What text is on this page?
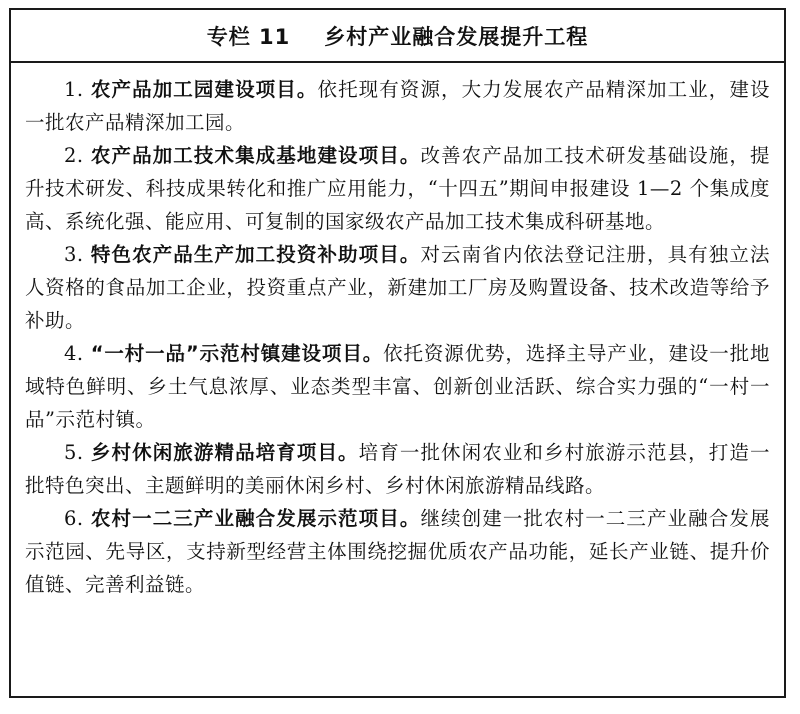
专栏 11 乡村产业融合发展提升工程

1. 农产品加工园建设项目。依托现有资源，大力发展农产品精深加工业，建设一批农产品精深加工园。

2. 农产品加工技术集成基地建设项目。改善农产品加工技术研发基础设施，提升技术研发、科技成果转化和推广应用能力，“十四五”期间申报建设 1—2 个集成度高、系统化强、能应用、可复制的国家级农产品加工技术集成科研基地。

3. 特色农产品生产加工投资补助项目。对云南省内依法登记注册，具有独立法人资格的食品加工企业，投资重点产业，新建加工厂房及购置设备、技术改造等给予补助。

4. “一村一品”示范村镇建设项目。依托资源优势，选择主导产业，建设一批地域特色鲜明、乡土气息浓厚、业态类型丰富、创新创业活跃、综合实力强的“一村一品”示范村镇。

5. 乡村休闲旅游精品培育项目。培育一批休闲农业和乡村旅游示范县，打造一批特色突出、主题鲜明的美丽休闲乡村、乡村休闲旅游精品线路。

6. 农村一二三产业融合发展示范项目。继续创建一批农村一二三产业融合发展示范园、先导区，支持新型经营主体围绕挖掘优质农产品功能，延长产业链、提升价值链、完善利益链。
